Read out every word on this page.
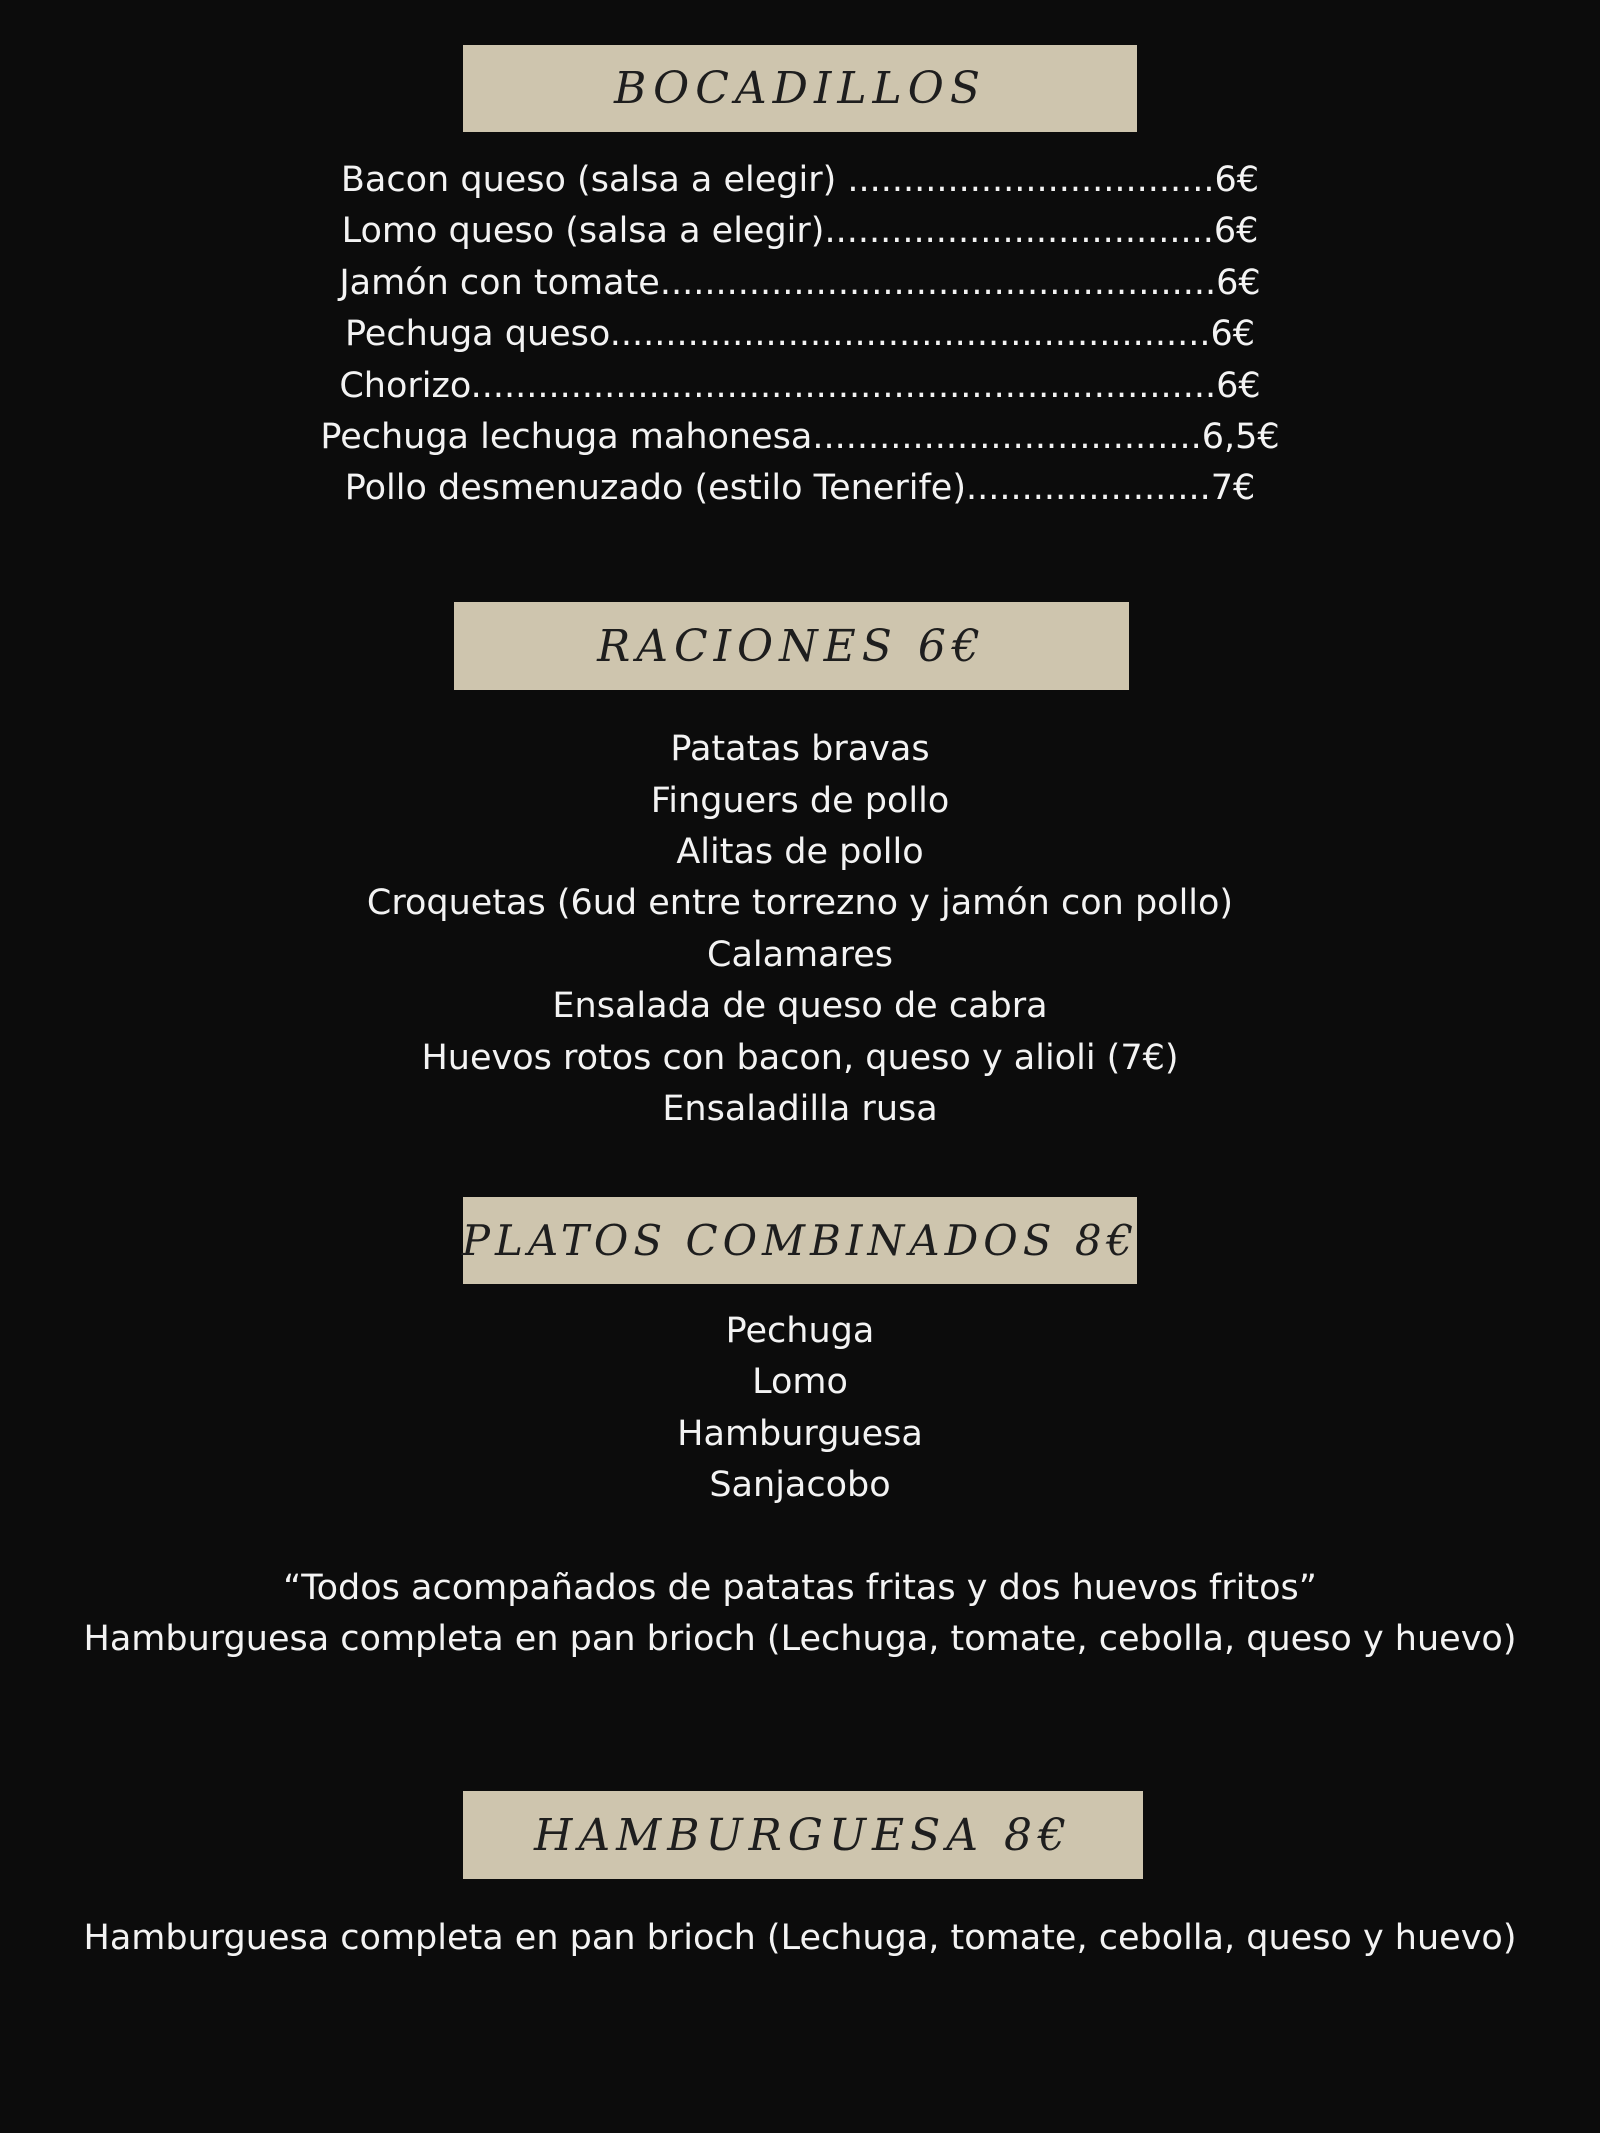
BOCADILLOS
Bacon queso (salsa a elegir) .................................6€
Lomo queso (salsa a elegir)...................................6€
Jamón con tomate..................................................6€
Pechuga queso......................................................6€
Chorizo...................................................................6€
Pechuga lechuga mahonesa...................................6,5€
Pollo desmenuzado (estilo Tenerife)......................7€
RACIONES 6€
Patatas bravas
Finguers de pollo
Alitas de pollo
Croquetas (6ud entre torrezno y jamón con pollo)
Calamares
Ensalada de queso de cabra
Huevos rotos con bacon, queso y alioli (7€)
Ensaladilla rusa
PLATOS COMBINADOS 8€
Pechuga
Lomo
Hamburguesa
Sanjacobo
“Todos acompañados de patatas fritas y dos huevos fritos”
Hamburguesa completa en pan brioch (Lechuga, tomate, cebolla, queso y huevo)
HAMBURGUESA 8€
Hamburguesa completa en pan brioch (Lechuga, tomate, cebolla, queso y huevo)
